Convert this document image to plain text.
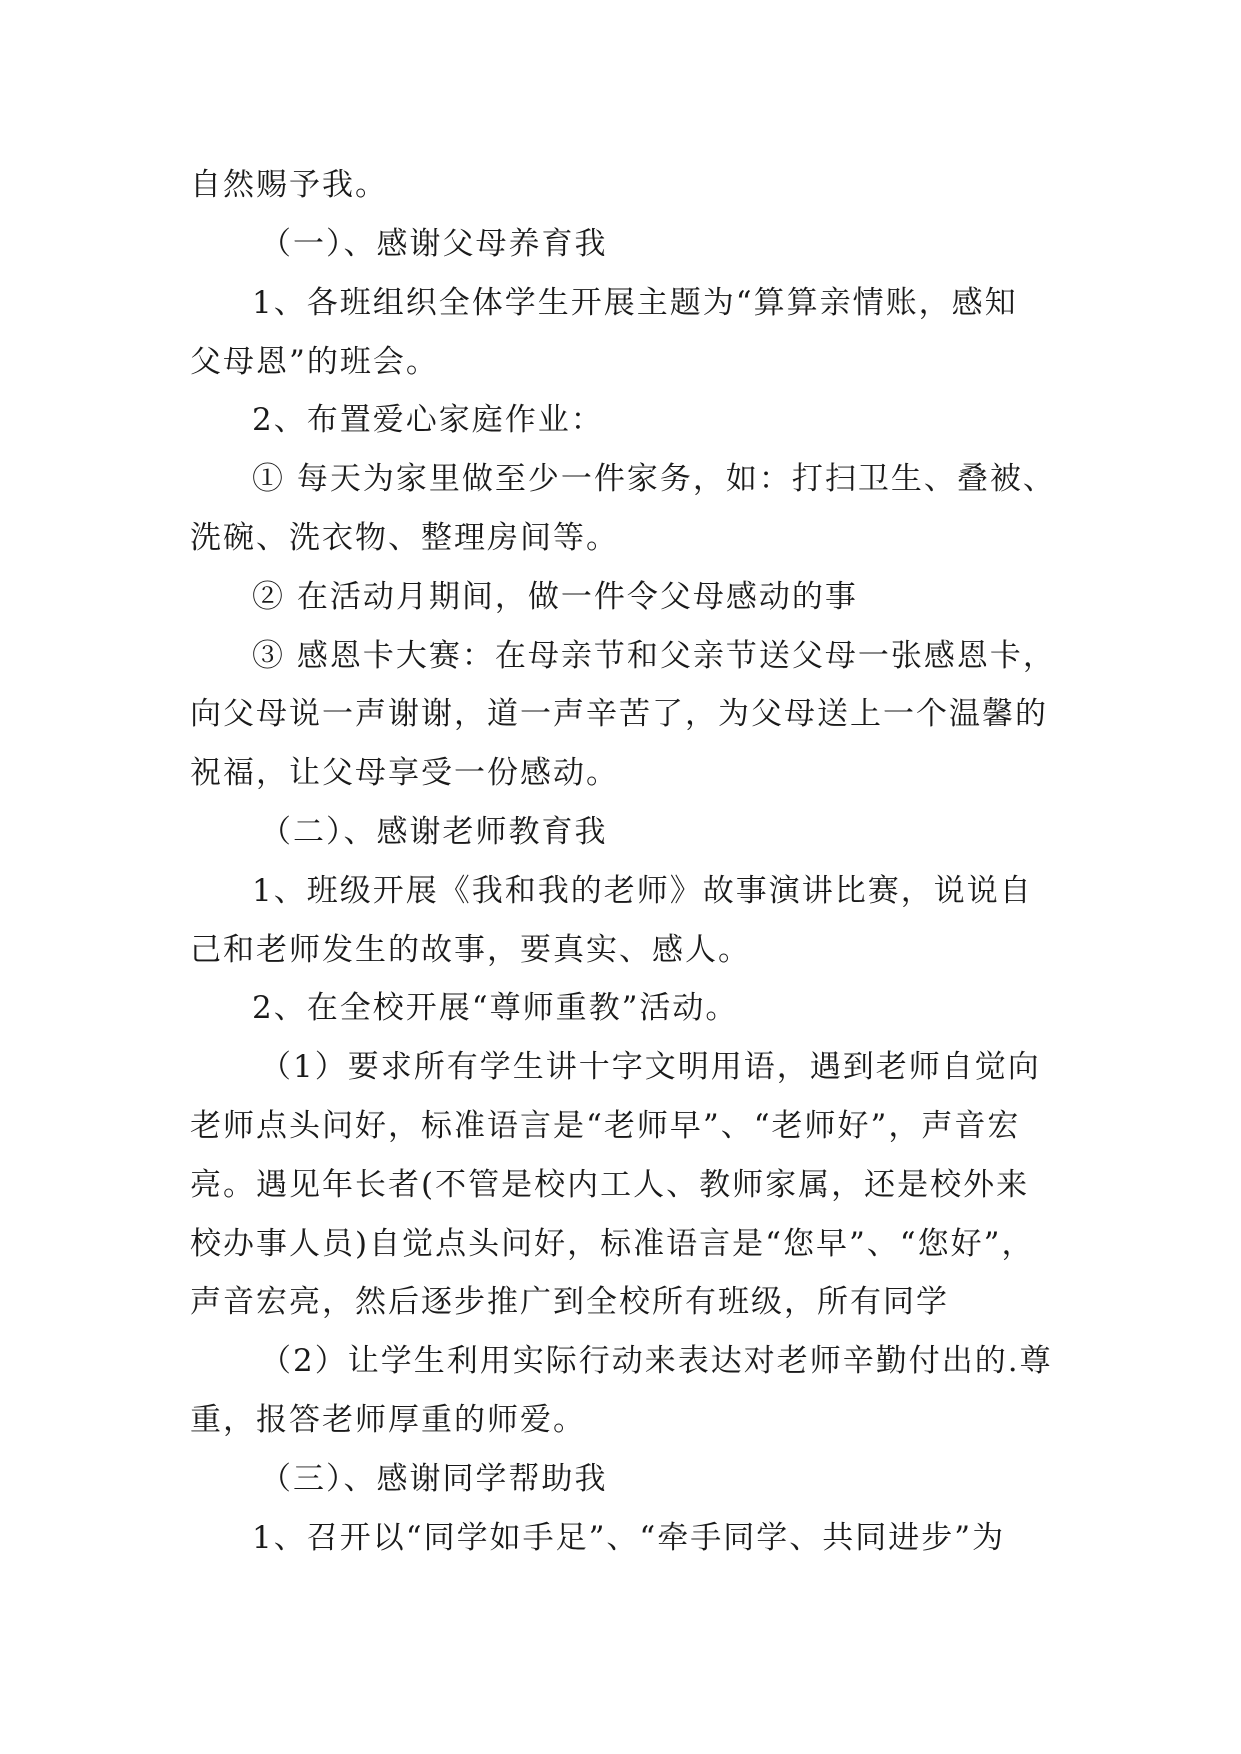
自然赐予我。
（一）、感谢父母养育我
1、各班组织全体学生开展主题为“算算亲情账，感知
父母恩”的班会。
2、布置爱心家庭作业：
① 每天为家里做至少一件家务，如：打扫卫生、叠被、
洗碗、洗衣物、整理房间等。
② 在活动月期间，做一件令父母感动的事
③ 感恩卡大赛：在母亲节和父亲节送父母一张感恩卡，
向父母说一声谢谢，道一声辛苦了，为父母送上一个温馨的
祝福，让父母享受一份感动。
（二）、感谢老师教育我
1、班级开展《我和我的老师》故事演讲比赛，说说自
己和老师发生的故事，要真实、感人。
2、在全校开展“尊师重教”活动。
（1）要求所有学生讲十字文明用语，遇到老师自觉向
老师点头问好，标准语言是“老师早”、“老师好”，声音宏
亮。遇见年长者(不管是校内工人、教师家属，还是校外来
校办事人员)自觉点头问好，标准语言是“您早”、“您好”，
声音宏亮，然后逐步推广到全校所有班级，所有同学
（2）让学生利用实际行动来表达对老师辛勤付出的.尊
重，报答老师厚重的师爱。
（三）、感谢同学帮助我
1、召开以“同学如手足”、“牵手同学、共同进步”为
